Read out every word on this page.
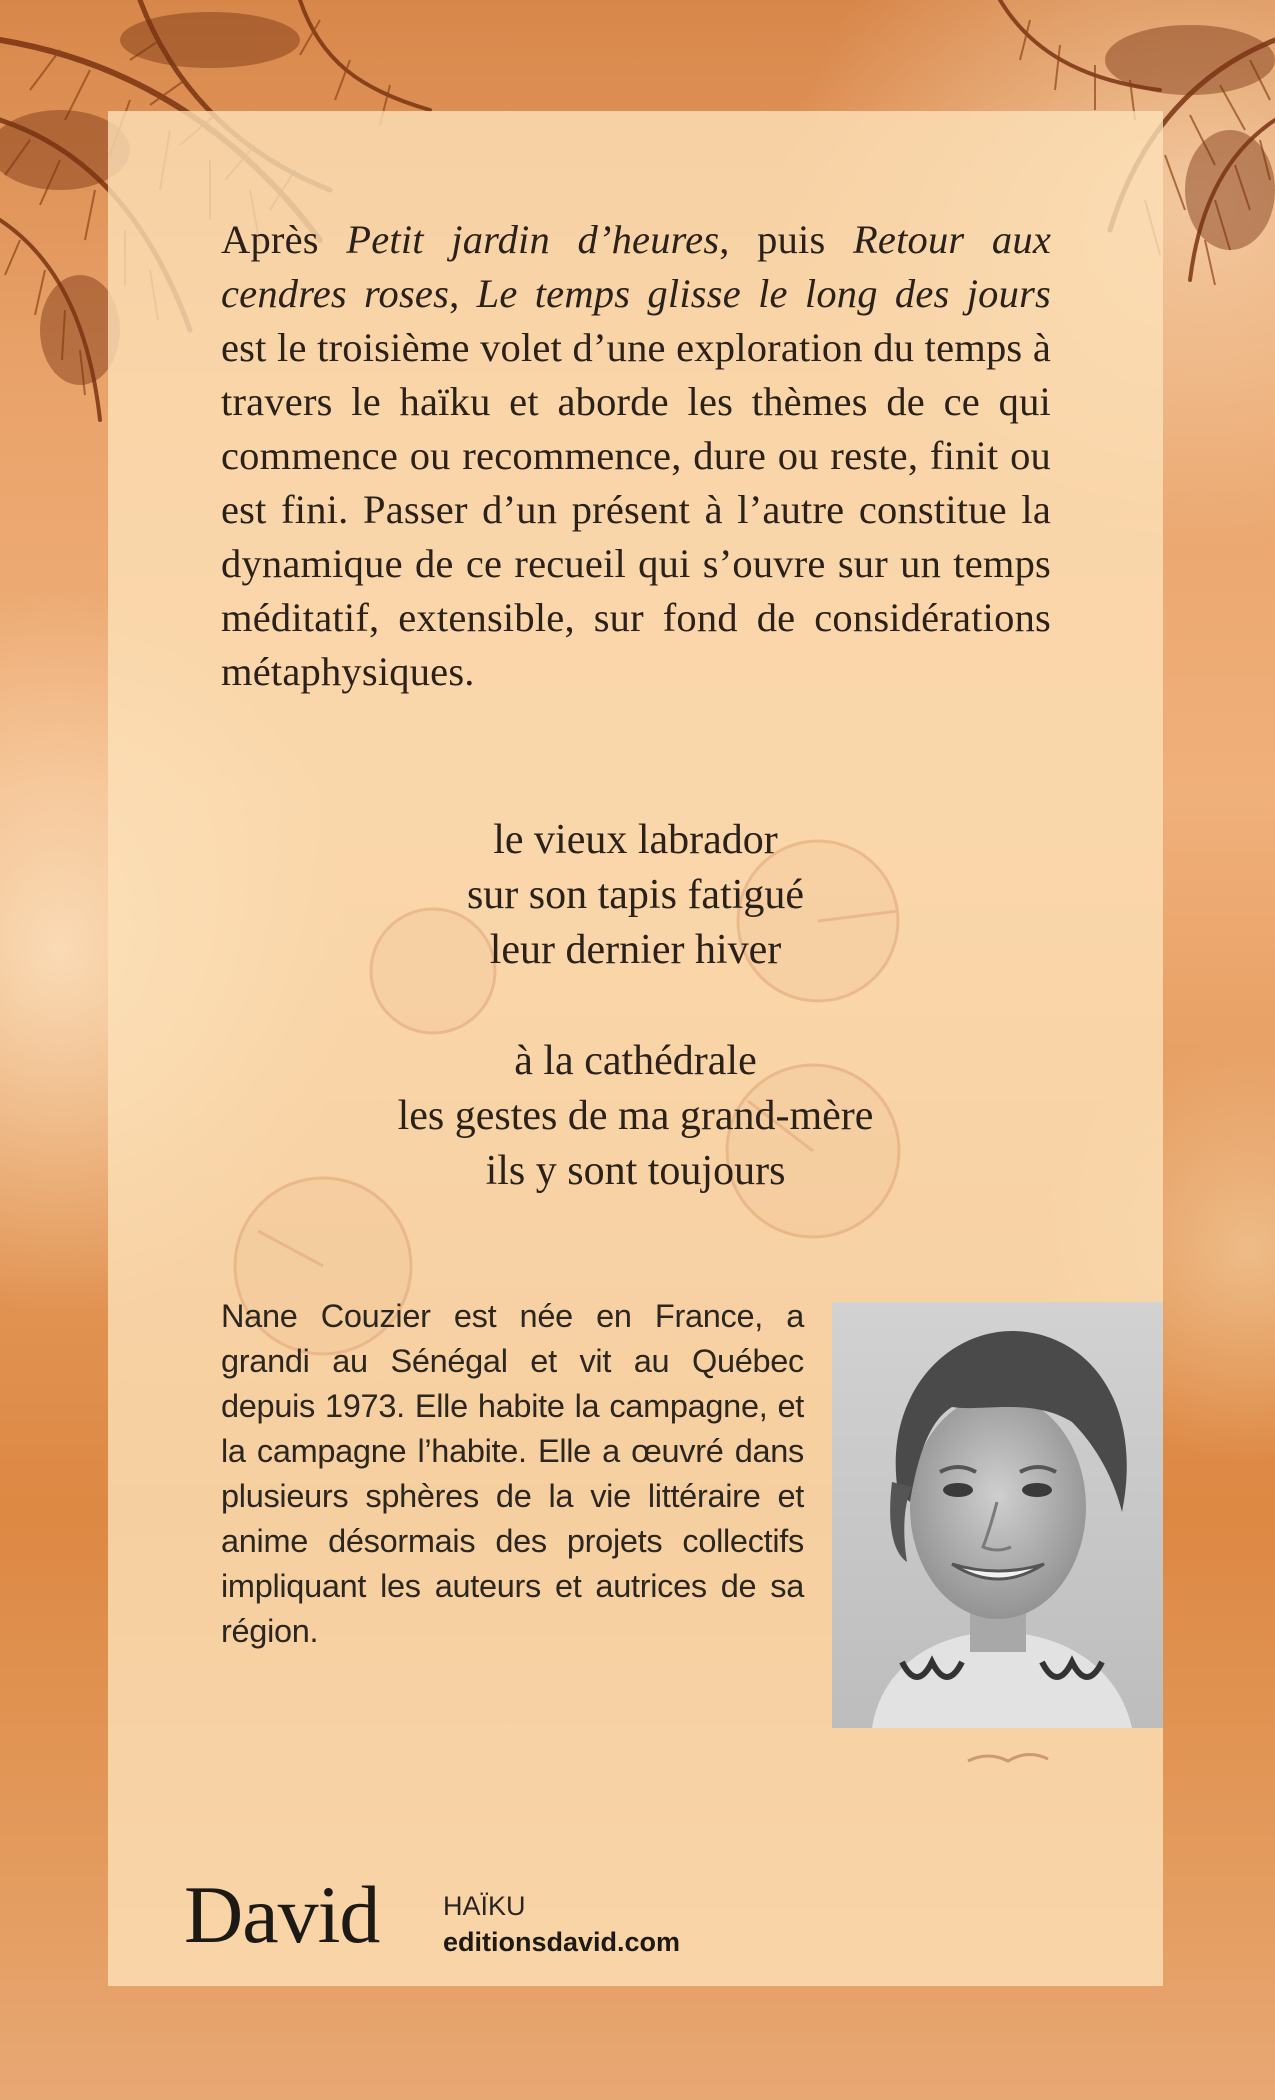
Après Petit jardin d’heures, puis Retour aux cendres roses, Le temps glisse le long des jours est le troisième volet d’une exploration du temps à travers le haïku et aborde les thèmes de ce qui commence ou recommence, dure ou reste, finit ou est fini. Passer d’un présent à l’autre constitue la dynamique de ce recueil qui s’ouvre sur un temps méditatif, extensible, sur fond de considérations métaphysiques.

le vieux labrador
sur son tapis fatigué
leur dernier hiver

à la cathédrale
les gestes de ma grand-mère
ils y sont toujours

Nane Couzier est née en France, a grandi au Sénégal et vit au Québec depuis 1973. Elle habite la campagne, et la campagne l’habite. Elle a œuvré dans plusieurs sphères de la vie littéraire et anime désormais des projets collectifs impliquant les auteurs et autrices de sa région.

David HAÏKU
editionsdavid.com
